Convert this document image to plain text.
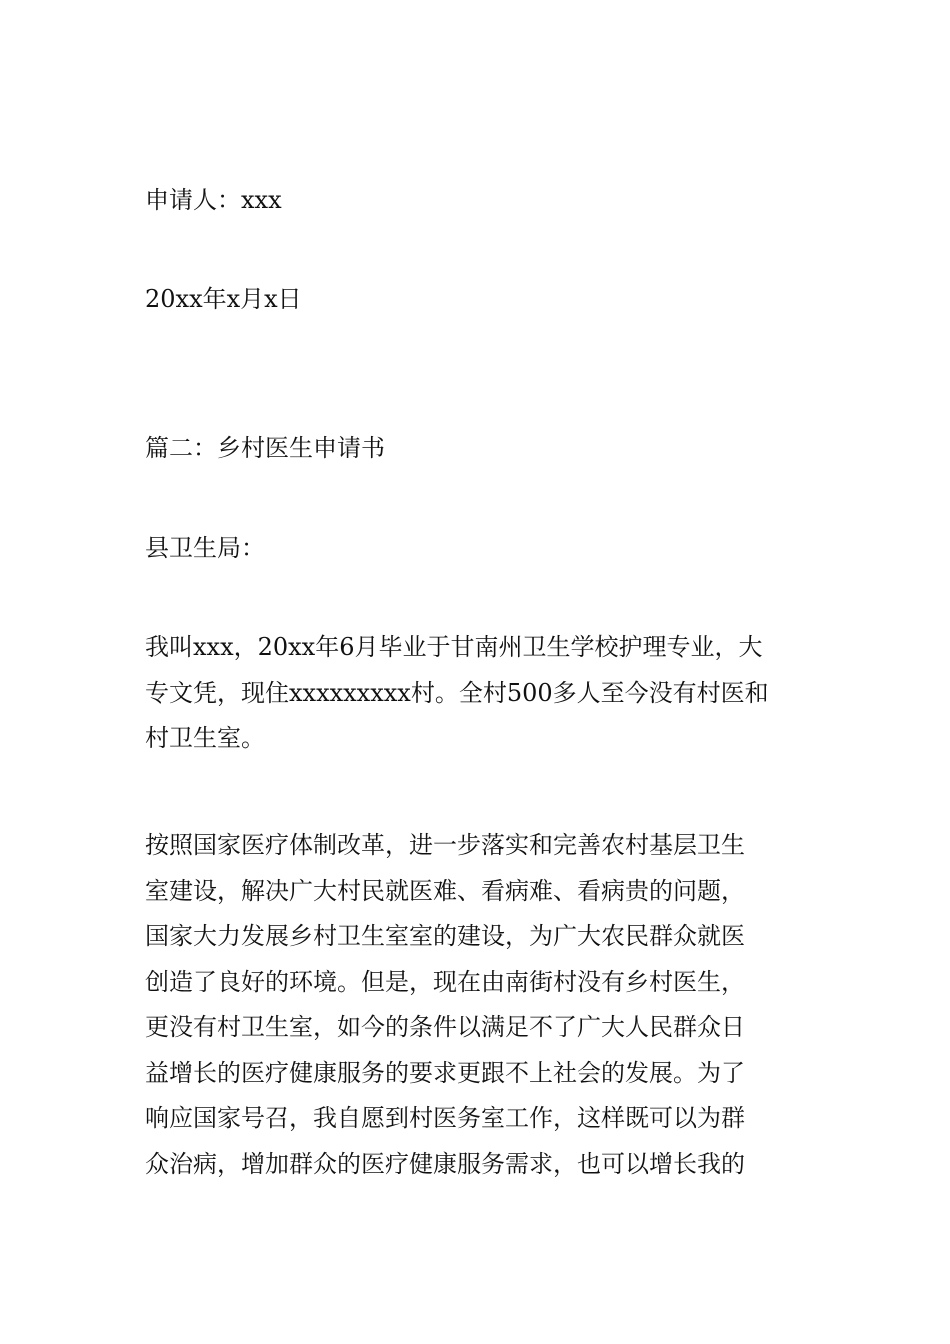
申请人：xxx
20xx年x月x日
篇二：乡村医生申请书
县卫生局：
我叫xxx，20xx年6月毕业于甘南州卫生学校护理专业，大
专文凭，现住xxxxxxxxx村。全村500多人至今没有村医和
村卫生室。
按照国家医疗体制改革，进一步落实和完善农村基层卫生
室建设，解决广大村民就医难、看病难、看病贵的问题，
国家大力发展乡村卫生室室的建设，为广大农民群众就医
创造了良好的环境。但是，现在由南街村没有乡村医生，
更没有村卫生室，如今的条件以满足不了广大人民群众日
益增长的医疗健康服务的要求更跟不上社会的发展。为了
响应国家号召，我自愿到村医务室工作，这样既可以为群
众治病，增加群众的医疗健康服务需求，也可以增长我的
